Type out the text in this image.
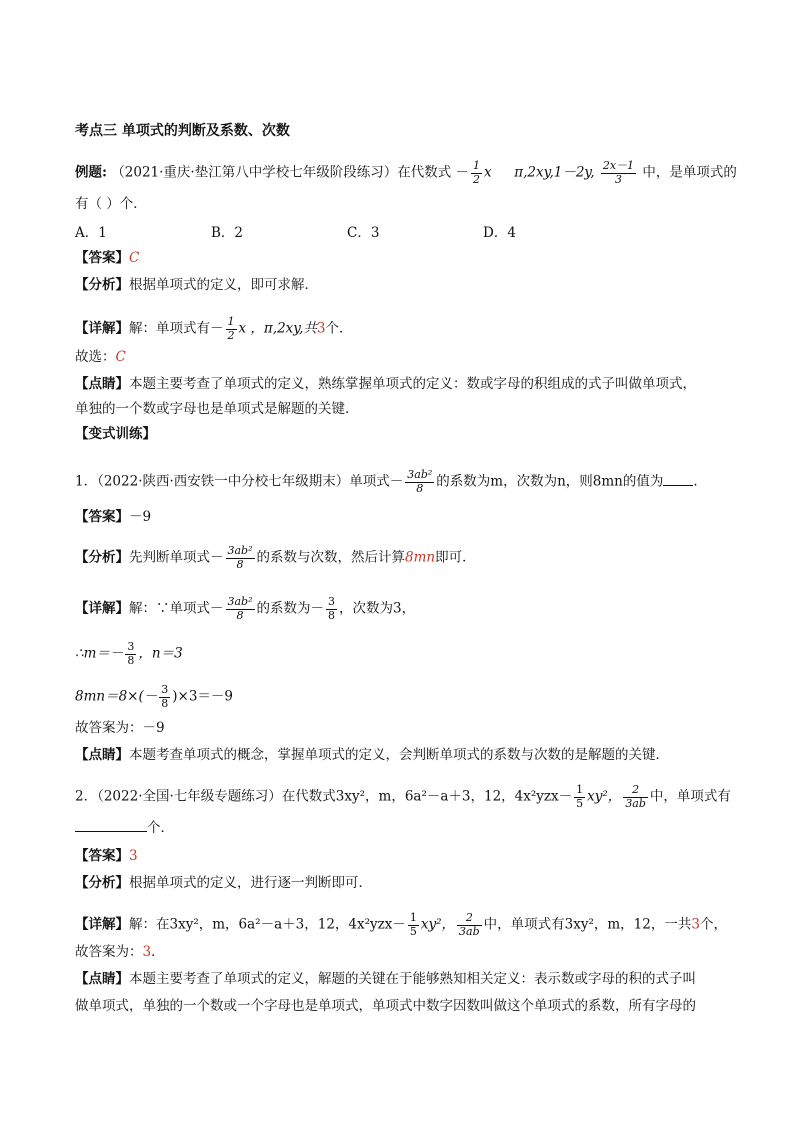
考点三 单项式的判断及系数、次数
例题: （2021·重庆·垫江第八中学校七年级阶段练习）在代数式 － $\frac{1}{2}$ x π,2xy,1－2y, $\frac{2x-1}{3}$ 中，是单项式的
有（ ）个．
A．1	B．2	C．3	D．4
【答案】C
【分析】根据单项式的定义，即可求解．
【详解】解：单项式有－ $\frac{1}{2}$ x ，π,2xy,共3个．
故选：C
【点睛】本题主要考查了单项式的定义，熟练掌握单项式的定义：数或字母的积组成的式子叫做单项式，
单独的一个数或字母也是单项式是解题的关键．
【变式训练】
1．（2022·陕西·西安铁一中分校七年级期末）单项式－ $\frac{\text{3ab²}}{8}$ 的系数为m，次数为n，则8mn的值为 ．
【答案】－9
【分析】先判断单项式－ $\frac{\text{3ab²}}{8}$ 的系数与次数，然后计算8mn即可．
【详解】解：∵单项式－ $\frac{\text{3ab²}}{8}$ 的系数为－ $\frac{3}{8}$ ，次数为3，
∴m＝－ $\frac{3}{8}$ ，n＝3
$8mn=8\times(- \frac{3}{8} )\times 3=-9$
故答案为：－9
【点睛】本题考查单项式的概念，掌握单项式的定义，会判断单项式的系数与次数的是解题的关键．
2．（2022·全国·七年级专题练习）在代数式3xy²，m，6a²－a＋3，12，$4x^2yzx- \frac{1}{5} xy^2$， $\frac{2}{3ab}$ 中，单项式有
个．
【答案】3
【分析】根据单项式的定义，进行逐一判断即可．
【详解】解：在3xy²，m，6a²－a＋3，12，$4x^2yzx- \frac{1}{5} xy^2$， $\frac{2}{3ab}$ 中，单项式有3xy²，m，12，一共3个，
故答案为：3．
【点睛】本题主要考查了单项式的定义，解题的关键在于能够熟知相关定义：表示数或字母的积的式子叫
做单项式，单独的一个数或一个字母也是单项式，单项式中数字因数叫做这个单项式的系数，所有字母的
